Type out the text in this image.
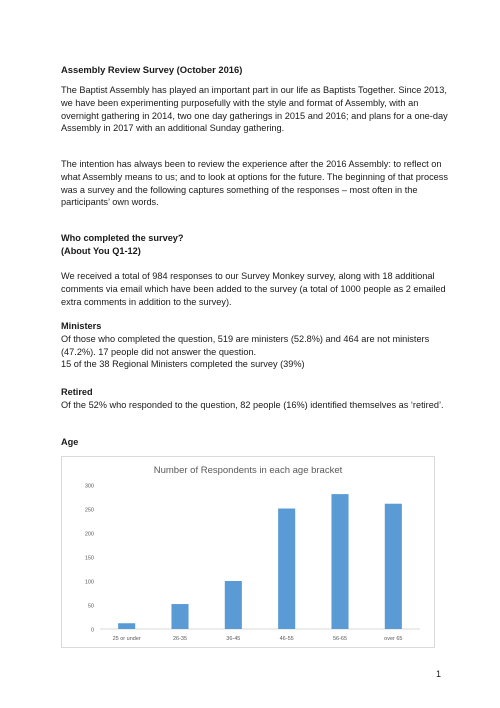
Assembly Review Survey (October 2016)

The Baptist Assembly has played an important part in our life as Baptists Together. Since 2013, we have been experimenting purposefully with the style and format of Assembly, with an overnight gathering in 2014, two one day gatherings in 2015 and 2016; and plans for a one-day Assembly in 2017 with an additional Sunday gathering.

The intention has always been to review the experience after the 2016 Assembly: to reflect on what Assembly means to us; and to look at options for the future. The beginning of that process was a survey and the following captures something of the responses – most often in the participants’ own words.

Who completed the survey?
(About You Q1-12)

We received a total of 984 responses to our Survey Monkey survey, along with 18 additional comments via email which have been added to the survey (a total of 1000 people as 2 emailed extra comments in addition to the survey).

Ministers

Of those who completed the question, 519 are ministers (52.8%) and 464 are not ministers (47.2%). 17 people did not answer the question.
15 of the 38 Regional Ministers completed the survey (39%)

Retired

Of the 52% who responded to the question, 82 people (16%) identified themselves as ‘retired’.

Age
Number of Respondents in each age bracket
0
50
100
150
200
250
300
25 or under	26-35	36-45	46-55	56-65	over 65
1
